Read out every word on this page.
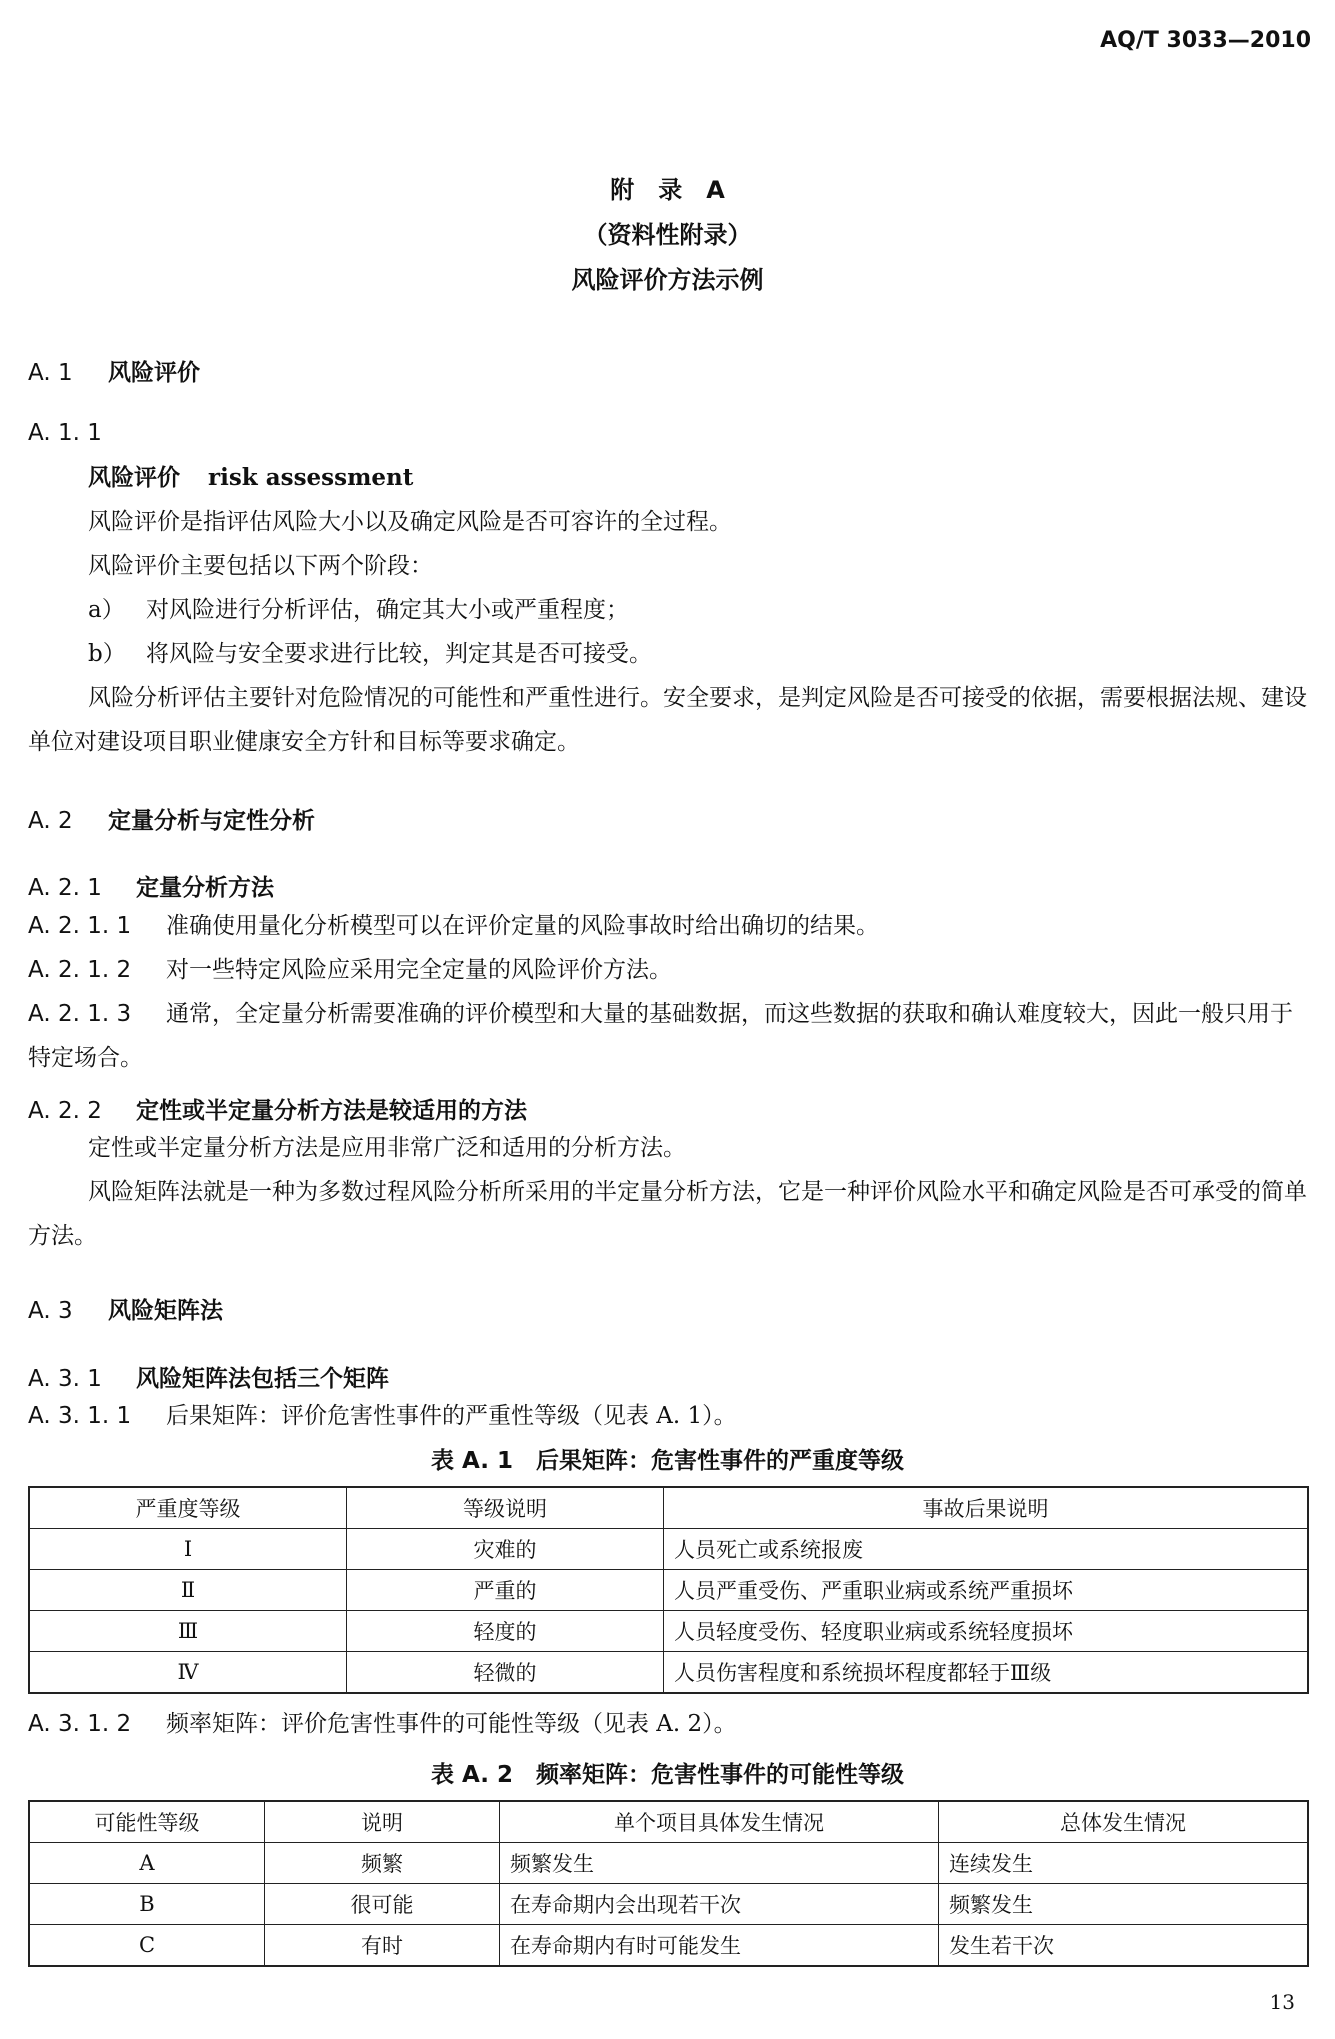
AQ/T 3033—2010
附　录　A
（资料性附录）
风险评价方法示例
A. 1 风险评价
A. 1. 1
风险评价 risk assessment
风险评价是指评估风险大小以及确定风险是否可容许的全过程。
风险评价主要包括以下两个阶段：
a） 对风险进行分析评估，确定其大小或严重程度；
b） 将风险与安全要求进行比较，判定其是否可接受。
风险分析评估主要针对危险情况的可能性和严重性进行。安全要求，是判定风险是否可接受的依据，需要根据法规、建设单位对建设项目职业健康安全方针和目标等要求确定。
A. 2 定量分析与定性分析
A. 2. 1 定量分析方法
A. 2. 1. 1 准确使用量化分析模型可以在评价定量的风险事故时给出确切的结果。
A. 2. 1. 2 对一些特定风险应采用完全定量的风险评价方法。
A. 2. 1. 3 通常，全定量分析需要准确的评价模型和大量的基础数据，而这些数据的获取和确认难度较大，因此一般只用于特定场合。
A. 2. 2 定性或半定量分析方法是较适用的方法
定性或半定量分析方法是应用非常广泛和适用的分析方法。
风险矩阵法就是一种为多数过程风险分析所采用的半定量分析方法，它是一种评价风险水平和确定风险是否可承受的简单方法。
A. 3 风险矩阵法
A. 3. 1 风险矩阵法包括三个矩阵
A. 3. 1. 1 后果矩阵：评价危害性事件的严重性等级（见表 A. 1）。
表 A. 1　后果矩阵：危害性事件的严重度等级
严重度等级	等级说明	事故后果说明
Ⅰ	灾难的	人员死亡或系统报废
Ⅱ	严重的	人员严重受伤、严重职业病或系统严重损坏
Ⅲ	轻度的	人员轻度受伤、轻度职业病或系统轻度损坏
Ⅳ	轻微的	人员伤害程度和系统损坏程度都轻于Ⅲ级
A. 3. 1. 2 频率矩阵：评价危害性事件的可能性等级（见表 A. 2）。
表 A. 2　频率矩阵：危害性事件的可能性等级
可能性等级	说明	单个项目具体发生情况	总体发生情况
A	频繁	频繁发生	连续发生
B	很可能	在寿命期内会出现若干次	频繁发生
C	有时	在寿命期内有时可能发生	发生若干次
13
